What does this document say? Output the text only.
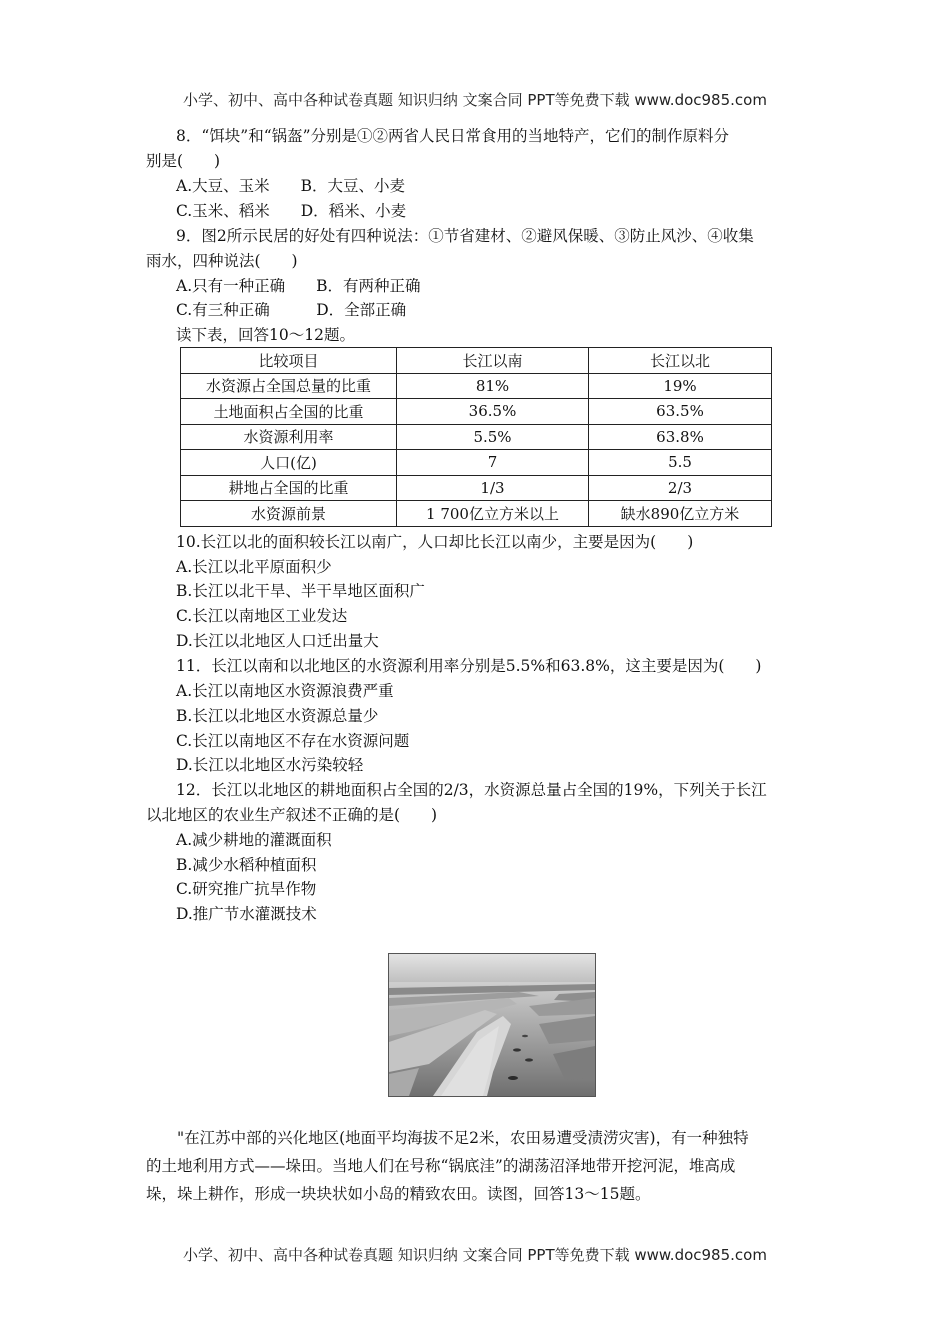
小学、初中、高中各种试卷真题 知识归纳 文案合同 PPT等免费下载 www.doc985.com
8．“饵块”和“锅盔”分别是①②两省人民日常食用的当地特产，它们的制作原料分
别是(　　)
A.大豆、玉米　　B．大豆、小麦
C.玉米、稻米　　D．稻米、小麦
9．图2所示民居的好处有四种说法：①节省建材、②避风保暖、③防止风沙、④收集
雨水，四种说法(　　)
A.只有一种正确　　B．有两种正确
C.有三种正确　　　D．全部正确
读下表，回答10～12题。
比较项目	长江以南	长江以北
水资源占全国总量的比重	81%	19%
土地面积占全国的比重	36.5%	63.5%
水资源利用率	5.5%	63.8%
人口(亿)	7	5.5
耕地占全国的比重	1/3	2/3
水资源前景	1 700亿立方米以上	缺水890亿立方米
10.长江以北的面积较长江以南广，人口却比长江以南少，主要是因为(　　)
A.长江以北平原面积少
B.长江以北干旱、半干旱地区面积广
C.长江以南地区工业发达
D.长江以北地区人口迁出量大
11．长江以南和以北地区的水资源利用率分别是5.5%和63.8%，这主要是因为(　　)
A.长江以南地区水资源浪费严重
B.长江以北地区水资源总量少
C.长江以南地区不存在水资源问题
D.长江以北地区水污染较轻
12．长江以北地区的耕地面积占全国的2/3，水资源总量占全国的19%，下列关于长江
以北地区的农业生产叙述不正确的是(　　)
A.减少耕地的灌溉面积
B.减少水稻种植面积
C.研究推广抗旱作物
D.推广节水灌溉技术
"在江苏中部的兴化地区(地面平均海拔不足2米，农田易遭受渍涝灾害)，有一种独特
的土地利用方式——垛田。当地人们在号称“锅底洼”的湖荡沼泽地带开挖河泥，堆高成
垛，垛上耕作，形成一块块状如小岛的精致农田。读图，回答13～15题。
小学、初中、高中各种试卷真题 知识归纳 文案合同 PPT等免费下载 www.doc985.com
